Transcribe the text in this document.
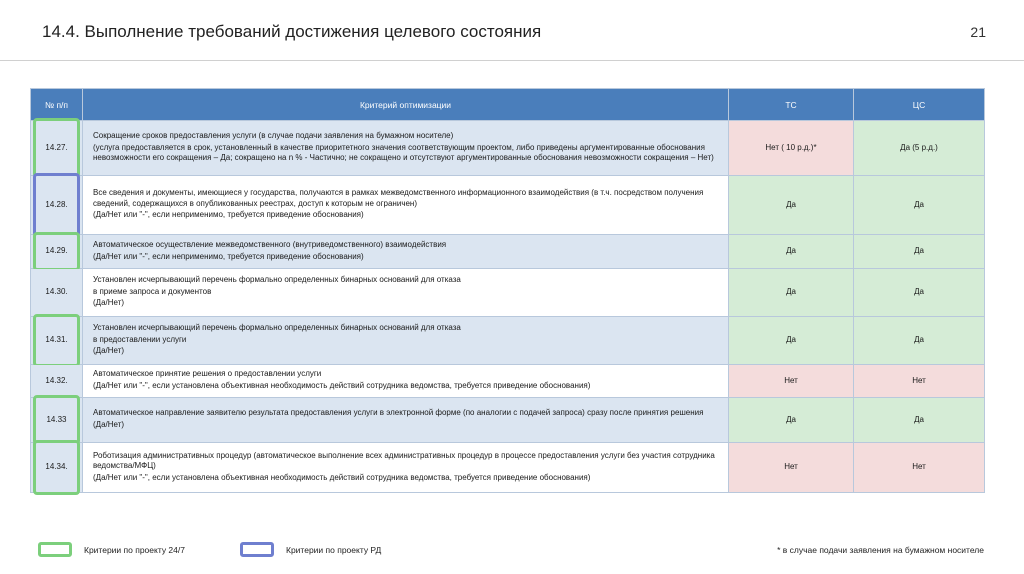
14.4. Выполнение требований достижения целевого состояния	21
№ п/п	Критерий оптимизации	ТС	ЦС

14.27.	Сокращение сроков предоставления услуги (в случае подачи заявления на бумажном носителе)

(услуга предоставляется в срок, установленный в качестве приоритетного значения соответствующим проектом, либо приведены аргументированные обоснования невозможности его сокращения – Да; сокращено на n % - Частично; не сокращено и отсутствуют аргументированные обоснования невозможности сокращения – Нет)	Нет ( 10 р.д.)*	Да (5 р.д.)

14.28.	Все сведения и документы, имеющиеся у государства, получаются в рамках межведомственного информационного взаимодействия (в т.ч. посредством получения сведений, содержащихся в опубликованных реестрах, доступ к которым не ограничен)

(Да/Нет или "-", если неприменимо, требуется приведение обоснования)	Да	Да

14.29.	Автоматическое осуществление межведомственного (внутриведомственного) взаимодействия

(Да/Нет или "-", если неприменимо, требуется приведение обоснования)	Да	Да
14.30.	Установлен исчерпывающий перечень формально определенных бинарных оснований для отказа

в приеме запроса и документов

(Да/Нет)	Да	Да

14.31.	Установлен исчерпывающий перечень формально определенных бинарных оснований для отказа

в предоставлении услуги

(Да/Нет)	Да	Да
14.32.	Автоматическое принятие решения о предоставлении услуги

(Да/Нет или "-", если установлена объективная необходимость действий сотрудника ведомства, требуется приведение обоснования)	Нет	Нет

14.33	Автоматическое направление заявителю результата предоставления услуги в электронной форме (по аналогии с подачей запроса) сразу после принятия решения

(Да/Нет)	Да	Да

14.34.	Роботизация административных процедур (автоматическое выполнение всех административных процедур в процессе предоставления услуги без участия сотрудника ведомства/МФЦ)

(Да/Нет или "-", если установлена объективная необходимость действий сотрудника ведомства, требуется приведение обоснования)	Нет	Нет
Критерии по проекту 24/7	Критерии по проекту РД	* в случае подачи заявления на бумажном носителе
